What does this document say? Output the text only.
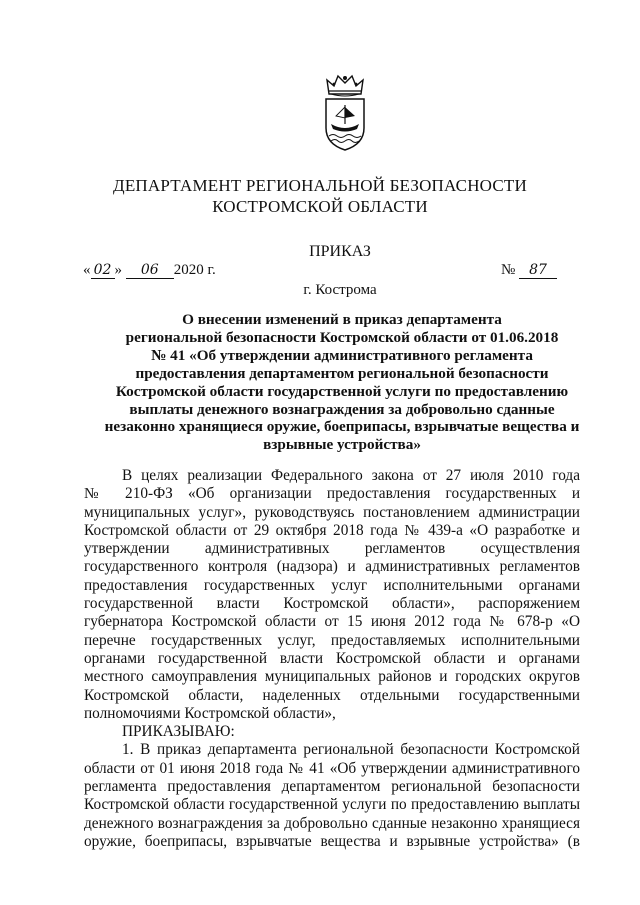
ДЕПАРТАМЕНТ РЕГИОНАЛЬНОЙ БЕЗОПАСНОСТИ
КОСТРОМСКОЙ ОБЛАСТИ
ПРИКАЗ
« 02 » 06 2020 г.	№ 87
г. Кострома
О внесении изменений в приказ департамента
региональной безопасности Костромской области от 01.06.2018
№ 41 «Об утверждении административного регламента
предоставления департаментом региональной безопасности
Костромской области государственной услуги по предоставлению
выплаты денежного вознаграждения за добровольно сданные
незаконно хранящиеся оружие, боеприпасы, взрывчатые вещества и
взрывные устройства»
В целях реализации Федерального закона от 27 июля 2010 года
№ 210-ФЗ «Об организации предоставления государственных и
муниципальных услуг», руководствуясь постановлением администрации
Костромской области от 29 октября 2018 года № 439-а «О разработке и
утверждении административных регламентов осуществления
государственного контроля (надзора) и административных регламентов
предоставления государственных услуг исполнительными органами
государственной власти Костромской области», распоряжением
губернатора Костромской области от 15 июня 2012 года № 678-р «О
перечне государственных услуг, предоставляемых исполнительными
органами государственной власти Костромской области и органами
местного самоуправления муниципальных районов и городских округов
Костромской области, наделенных отдельными государственными
полномочиями Костромской области»,
ПРИКАЗЫВАЮ:
1. В приказ департамента региональной безопасности Костромской
области от 01 июня 2018 года № 41 «Об утверждении административного
регламента предоставления департаментом региональной безопасности
Костромской области государственной услуги по предоставлению выплаты
денежного вознаграждения за добровольно сданные незаконно хранящиеся
оружие, боеприпасы, взрывчатые вещества и взрывные устройства» (в
